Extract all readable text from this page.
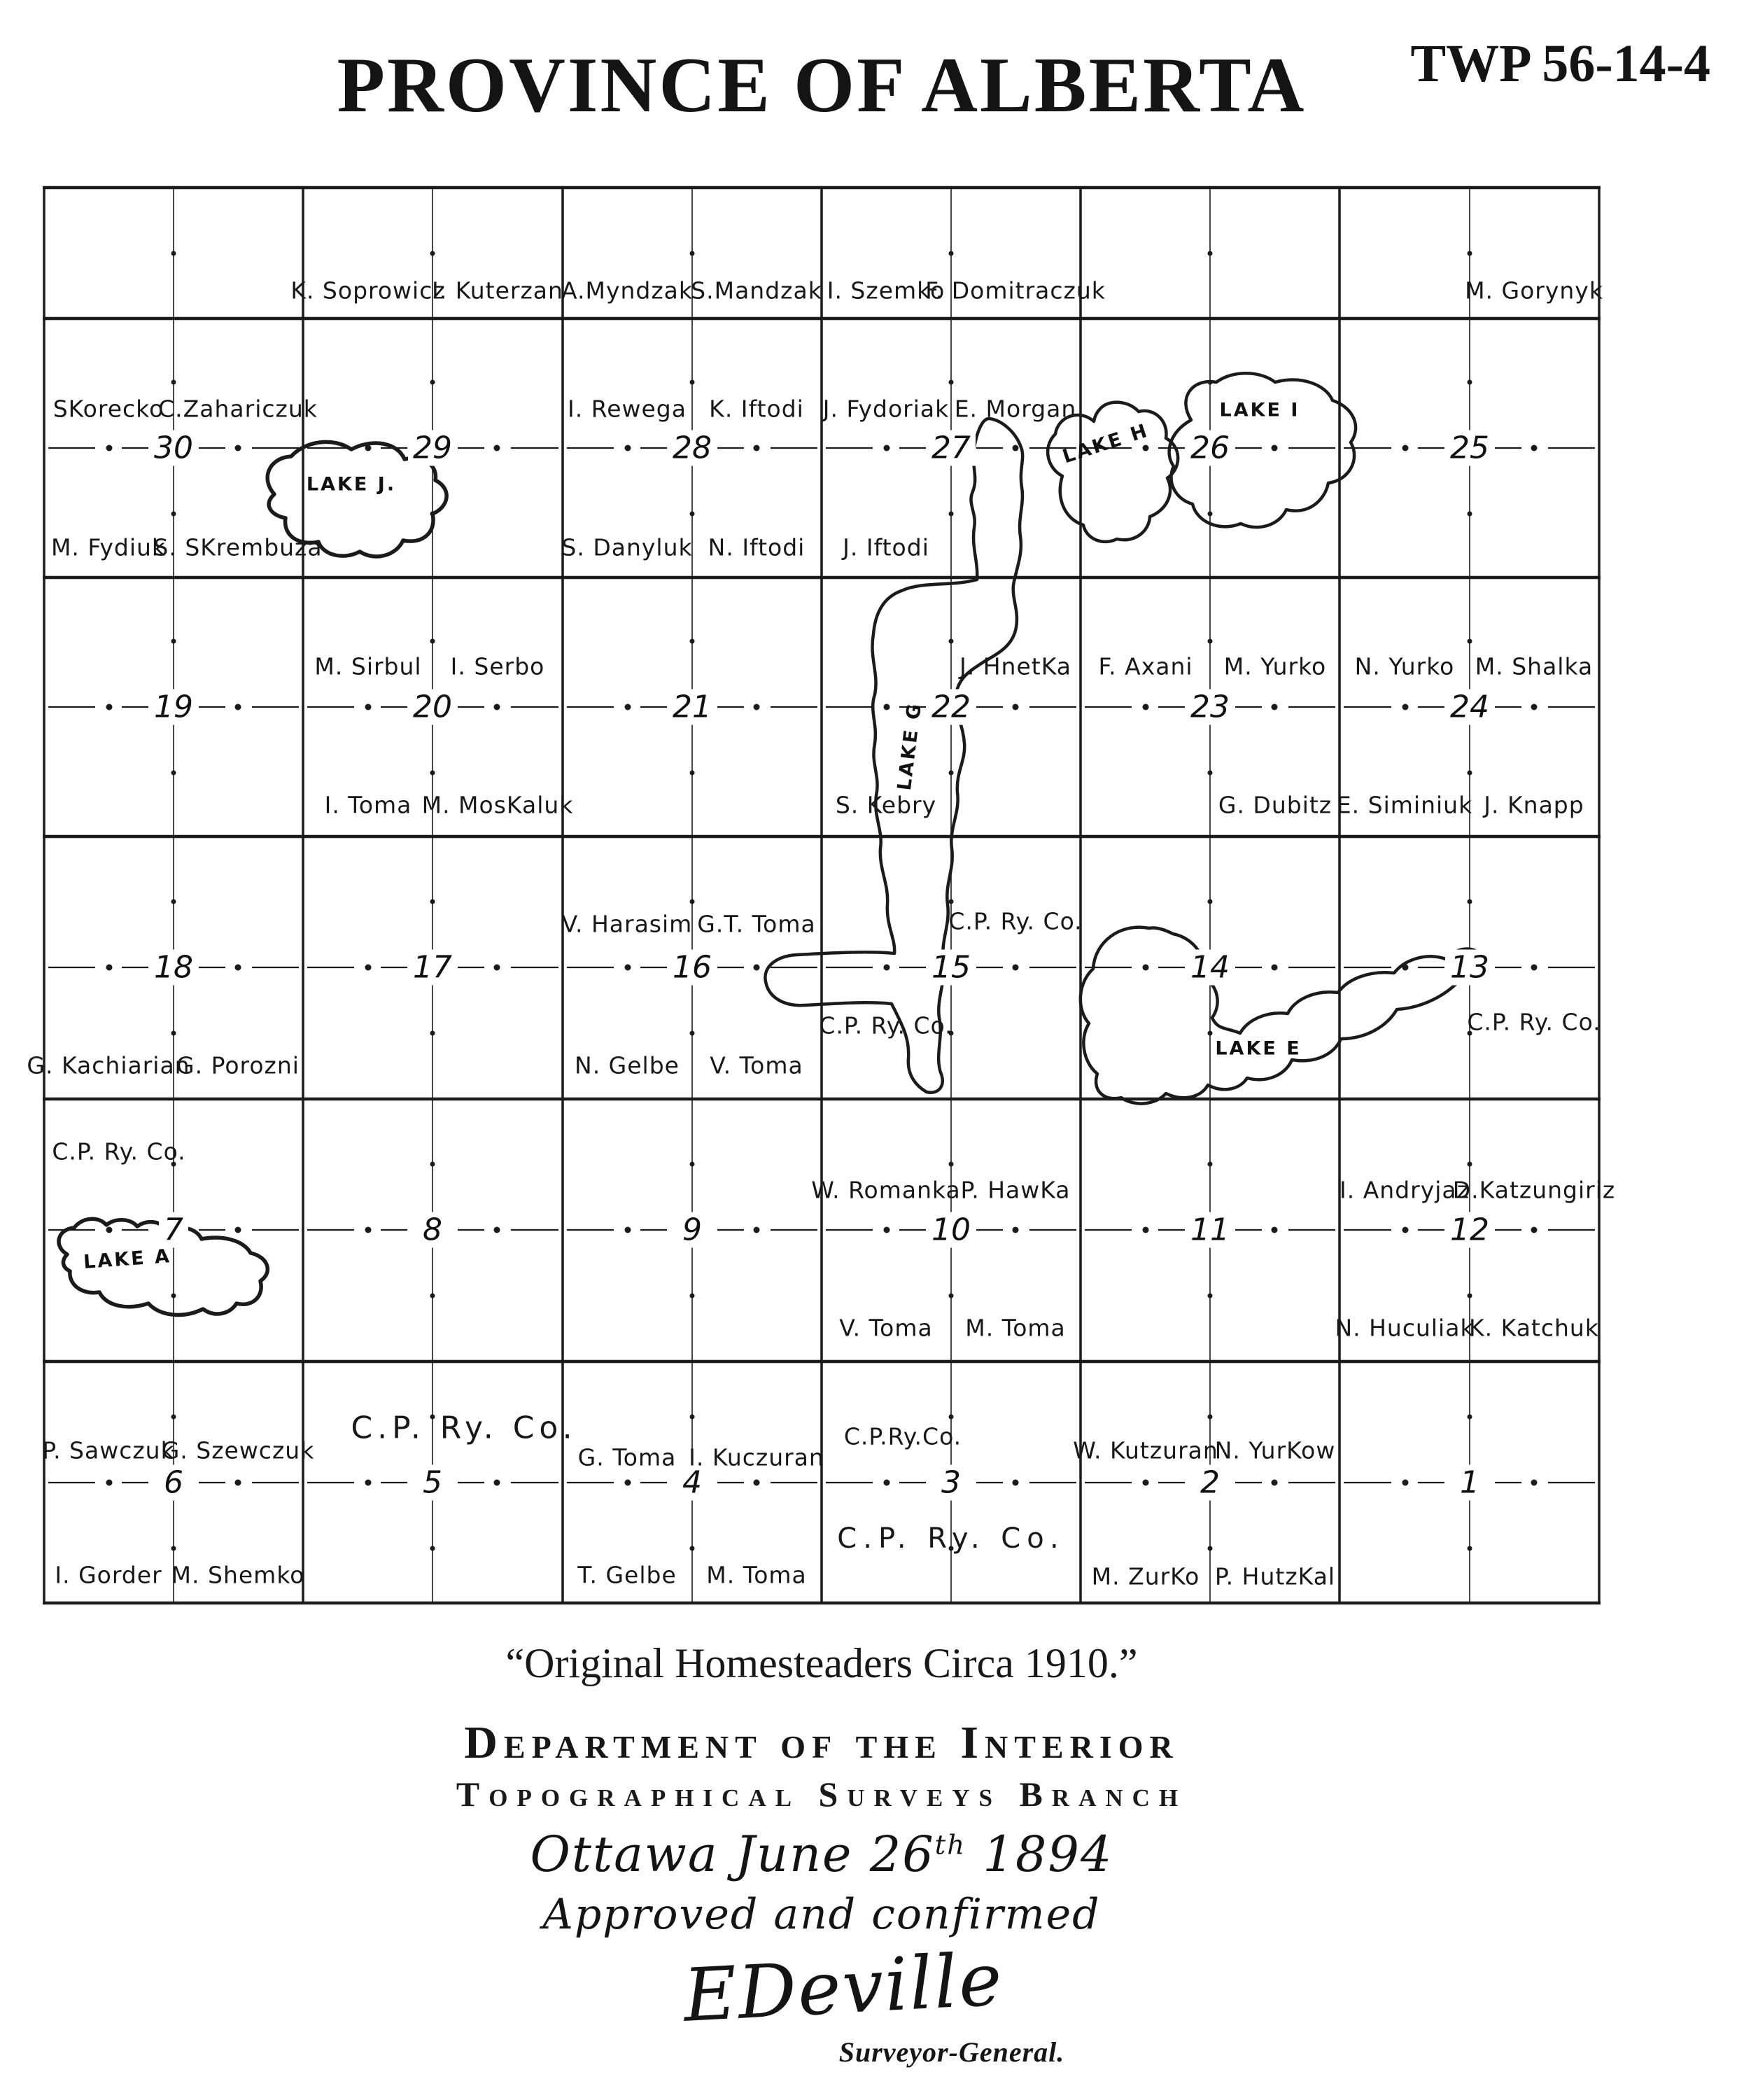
TWP 56-14-4
PROVINCE OF ALBERTA
30	29	28	27	26	25
19	20	21	22	23	24
18	17	16	15	14	13
7	8	9	10	11	12
6	5	4	3	2	1
K. Soprowicz
I. Kuterzan
A.Myndzak
S.Mandzak I. Szemko
F. Domitraczuk	M. Gorynyk
SKorecko
C.Zahariczuk	I. Rewega K. Iftodi J. Fydoriak E. Morgan
M. Fydiuk
S. SKrembuza	S. Danyluk N. Iftodi J. Iftodi
M. Sirbul I. Serbo	J. HnetKa F. Axani M. Yurko N. Yurko M. Shalka
I. Toma M. MosKaluk	S. Kebry	G. Dubitz E. Siminiuk J. Knapp
V. Harasim G.T. Toma	C.P. Ry. Co.
G. Kachiarian
G. Porozni	N. Gelbe V. Toma
C.P. Ry. Co.	C.P. Ry. Co.
C.P. Ry. Co.
W. Romanka P. HawKa	I. Andryjaz
D.Katzungiriz
V. Toma M. Toma	N. Huculiak
K. Katchuk
P. Sawczuk
G. Szewczuk
C.P. Ry. Co.
G. Toma I. Kuczuran
C.P.Ry.Co.
W. Kutzuran
N. YurKow
I. Gorder M. Shemko	T. Gelbe M. Toma
C.P. Ry. Co.
M. ZurKo P. HutzKal
LAKE J.
LAKE H
LAKE I
LAKE G
LAKE E
LAKE A
“Original Homesteaders Circa 1910.”
Department of the Interior
Topographical Surveys Branch
Ottawa June 26th 1894
Approved and confirmed
EDeville
Surveyor-General.
